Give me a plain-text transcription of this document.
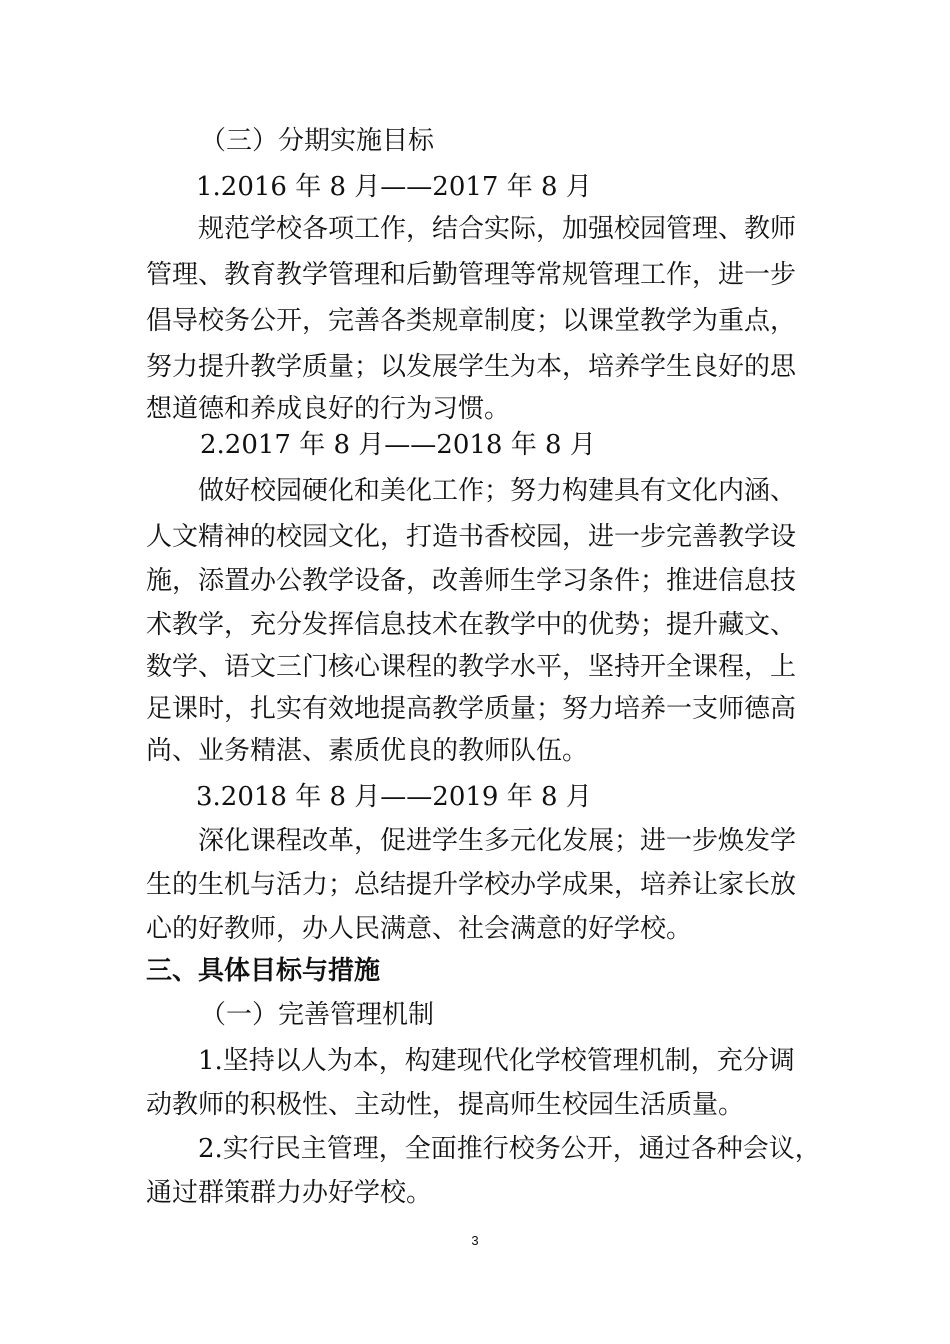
（三）分期实施目标
1.2016 年 8 月——2017 年 8 月
规范学校各项工作，结合实际，加强校园管理、教师
管理、教育教学管理和后勤管理等常规管理工作，进一步
倡导校务公开，完善各类规章制度；以课堂教学为重点，
努力提升教学质量；以发展学生为本，培养学生良好的思
想道德和养成良好的行为习惯。
2.2017 年 8 月——2018 年 8 月
做好校园硬化和美化工作；努力构建具有文化内涵、
人文精神的校园文化，打造书香校园，进一步完善教学设
施，添置办公教学设备，改善师生学习条件；推进信息技
术教学，充分发挥信息技术在教学中的优势；提升藏文、
数学、语文三门核心课程的教学水平，坚持开全课程，上
足课时，扎实有效地提高教学质量；努力培养一支师德高
尚、业务精湛、素质优良的教师队伍。
3.2018 年 8 月——2019 年 8 月
深化课程改革，促进学生多元化发展；进一步焕发学
生的生机与活力；总结提升学校办学成果，培养让家长放
心的好教师，办人民满意、社会满意的好学校。
三、具体目标与措施
（一）完善管理机制
1.坚持以人为本，构建现代化学校管理机制，充分调
动教师的积极性、主动性，提高师生校园生活质量。
2.实行民主管理，全面推行校务公开，通过各种会议，
通过群策群力办好学校。
3
